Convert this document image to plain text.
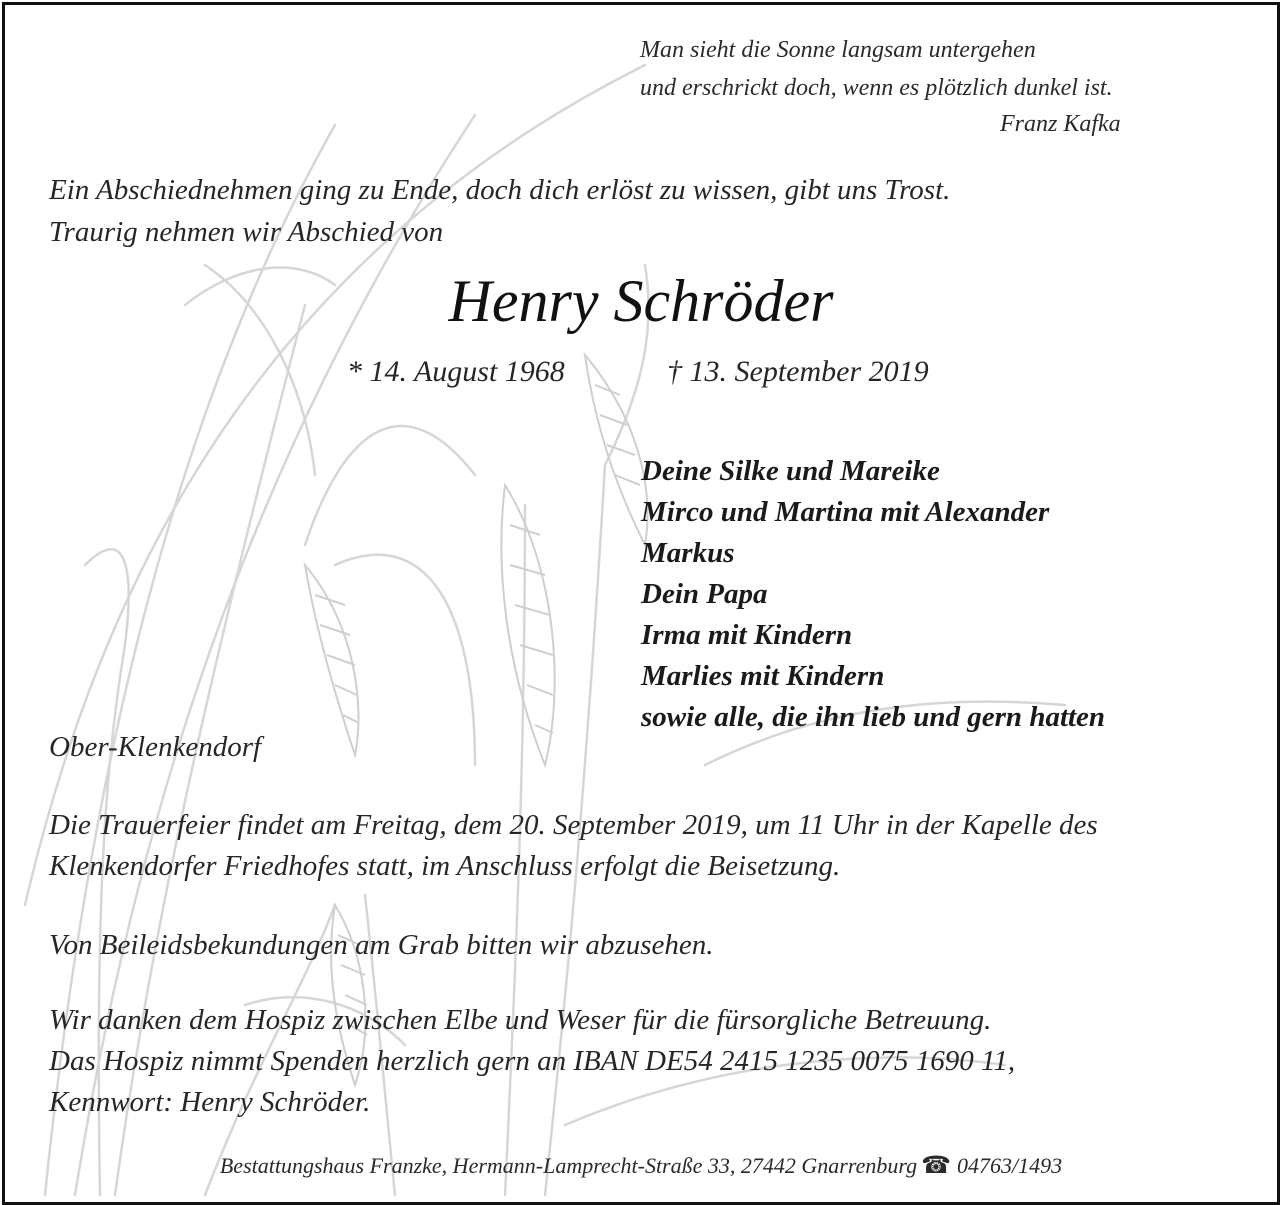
Man sieht die Sonne langsam untergehen
und erschrickt doch, wenn es plötzlich dunkel ist.
Franz Kafka
Ein Abschiednehmen ging zu Ende, doch dich erlöst zu wissen, gibt uns Trost.
Traurig nehmen wir Abschied von
Henry Schröder
* 14. August 1968	† 13. September 2019
Deine Silke und Mareike
Mirco und Martina mit Alexander
Markus
Dein Papa
Irma mit Kindern
Marlies mit Kindern
sowie alle, die ihn lieb und gern hatten
Ober-Klenkendorf
Die Trauerfeier findet am Freitag, dem 20. September 2019, um 11 Uhr in der Kapelle des
Klenkendorfer Friedhofes statt, im Anschluss erfolgt die Beisetzung.
Von Beileidsbekundungen am Grab bitten wir abzusehen.
Wir danken dem Hospiz zwischen Elbe und Weser für die fürsorgliche Betreuung.
Das Hospiz nimmt Spenden herzlich gern an IBAN DE54 2415 1235 0075 1690 11,
Kennwort: Henry Schröder.
Bestattungshaus Franzke, Hermann-Lamprecht-Straße 33, 27442 Gnarrenburg ☎ 04763/1493
